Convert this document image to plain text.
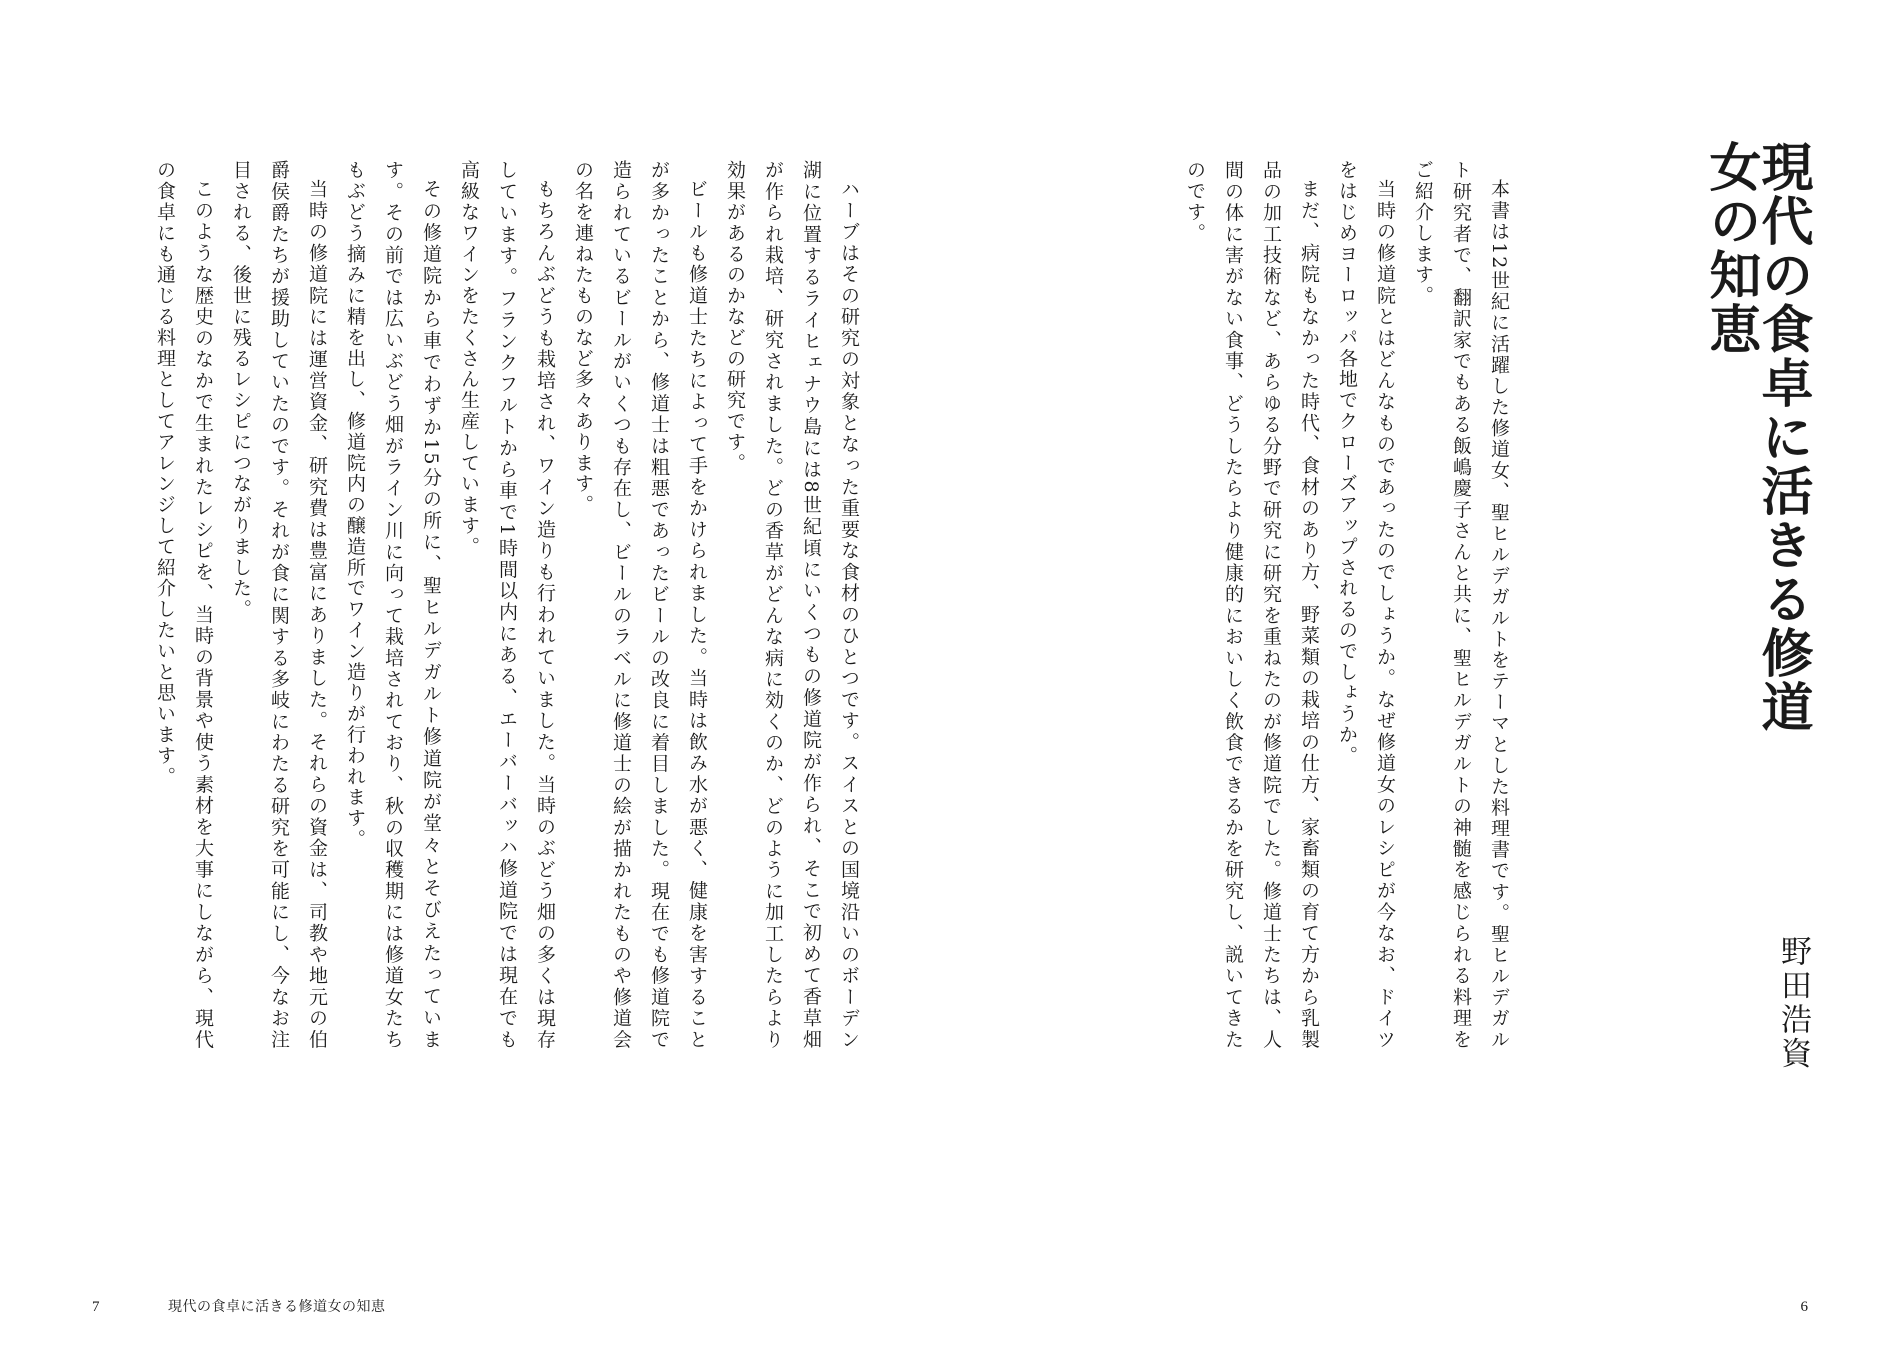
現代の食卓に活きる修道女の知恵
野田浩資

本書は12世紀に活躍した修道女、聖ヒルデガルトをテーマとした料理書です。聖ヒルデガルト研究者で、翻訳家でもある飯嶋慶子さんと共に、聖ヒルデガルトの神髄を感じられる料理をご紹介します。

当時の修道院とはどんなものであったのでしょうか。なぜ修道女のレシピが今なお、ドイツをはじめヨーロッパ各地でクローズアップされるのでしょうか。

まだ、病院もなかった時代、食材のあり方、野菜類の栽培の仕方、家畜類の育て方から乳製品の加工技術など、あらゆる分野で研究に研究を重ねたのが修道院でした。修道士たちは、人間の体に害がない食事、どうしたらより健康的においしく飲食できるかを研究し、説いてきたのです。

ハーブはその研究の対象となった重要な食材のひとつです。スイスとの国境沿いのボーデン湖に位置するライヒェナウ島には8世紀頃にいくつもの修道院が作られ、そこで初めて香草畑が作られ栽培、研究されました。どの香草がどんな病に効くのか、どのように加工したらより効果があるのかなどの研究です。

ビールも修道士たちによって手をかけられました。当時は飲み水が悪く、健康を害することが多かったことから、修道士は粗悪であったビールの改良に着目しました。現在でも修道院で造られているビールがいくつも存在し、ビールのラベルに修道士の絵が描かれたものや修道会の名を連ねたものなど多々あります。

もちろんぶどうも栽培され、ワイン造りも行われていました。当時のぶどう畑の多くは現存しています。フランクフルトから車で1時間以内にある、エーバーバッハ修道院では現在でも高級なワインをたくさん生産しています。

その修道院から車でわずか15分の所に、聖ヒルデガルト修道院が堂々とそびえたっています。その前では広いぶどう畑がライン川に向って栽培されており、秋の収穫期には修道女たちもぶどう摘みに精を出し、修道院内の醸造所でワイン造りが行われます。

当時の修道院には運営資金、研究費は豊富にありました。それらの資金は、司教や地元の伯爵侯爵たちが援助していたのです。それが食に関する多岐にわたる研究を可能にし、今なお注目される、後世に残るレシピにつながりました。

このような歴史のなかで生まれたレシピを、当時の背景や使う素材を大事にしながら、現代の食卓にも通じる料理としてアレンジして紹介したいと思います。

7	現代の食卓に活きる修道女の知恵	6
